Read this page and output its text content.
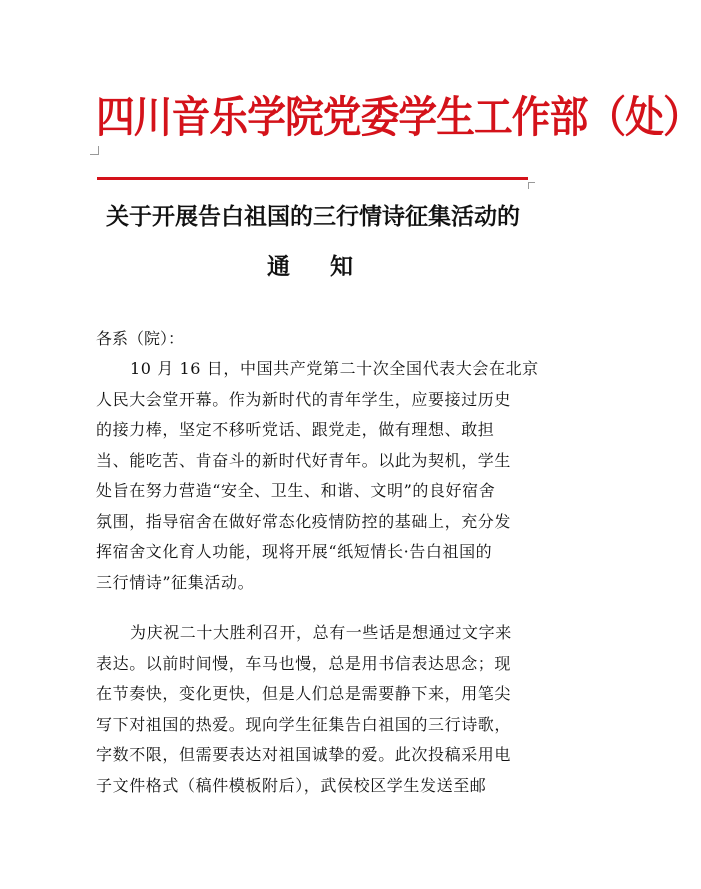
四川音乐学院党委学生工作部（处）
关于开展告白祖国的三行情诗征集活动的
通 知
各系（院）：
10 月 16 日，中国共产党第二十次全国代表大会在北京
人民大会堂开幕。作为新时代的青年学生，应要接过历史
的接力棒，坚定不移听党话、跟党走，做有理想、敢担
当、能吃苦、肯奋斗的新时代好青年。以此为契机，学生
处旨在努力营造“安全、卫生、和谐、文明”的良好宿舍
氛围，指导宿舍在做好常态化疫情防控的基础上，充分发
挥宿舍文化育人功能，现将开展“纸短情长·告白祖国的
三行情诗”征集活动。
为庆祝二十大胜利召开，总有一些话是想通过文字来
表达。以前时间慢，车马也慢，总是用书信表达思念；现
在节奏快，变化更快，但是人们总是需要静下来，用笔尖
写下对祖国的热爱。现向学生征集告白祖国的三行诗歌，
字数不限，但需要表达对祖国诚挚的爱。此次投稿采用电
子文件格式（稿件模板附后），武侯校区学生发送至邮
